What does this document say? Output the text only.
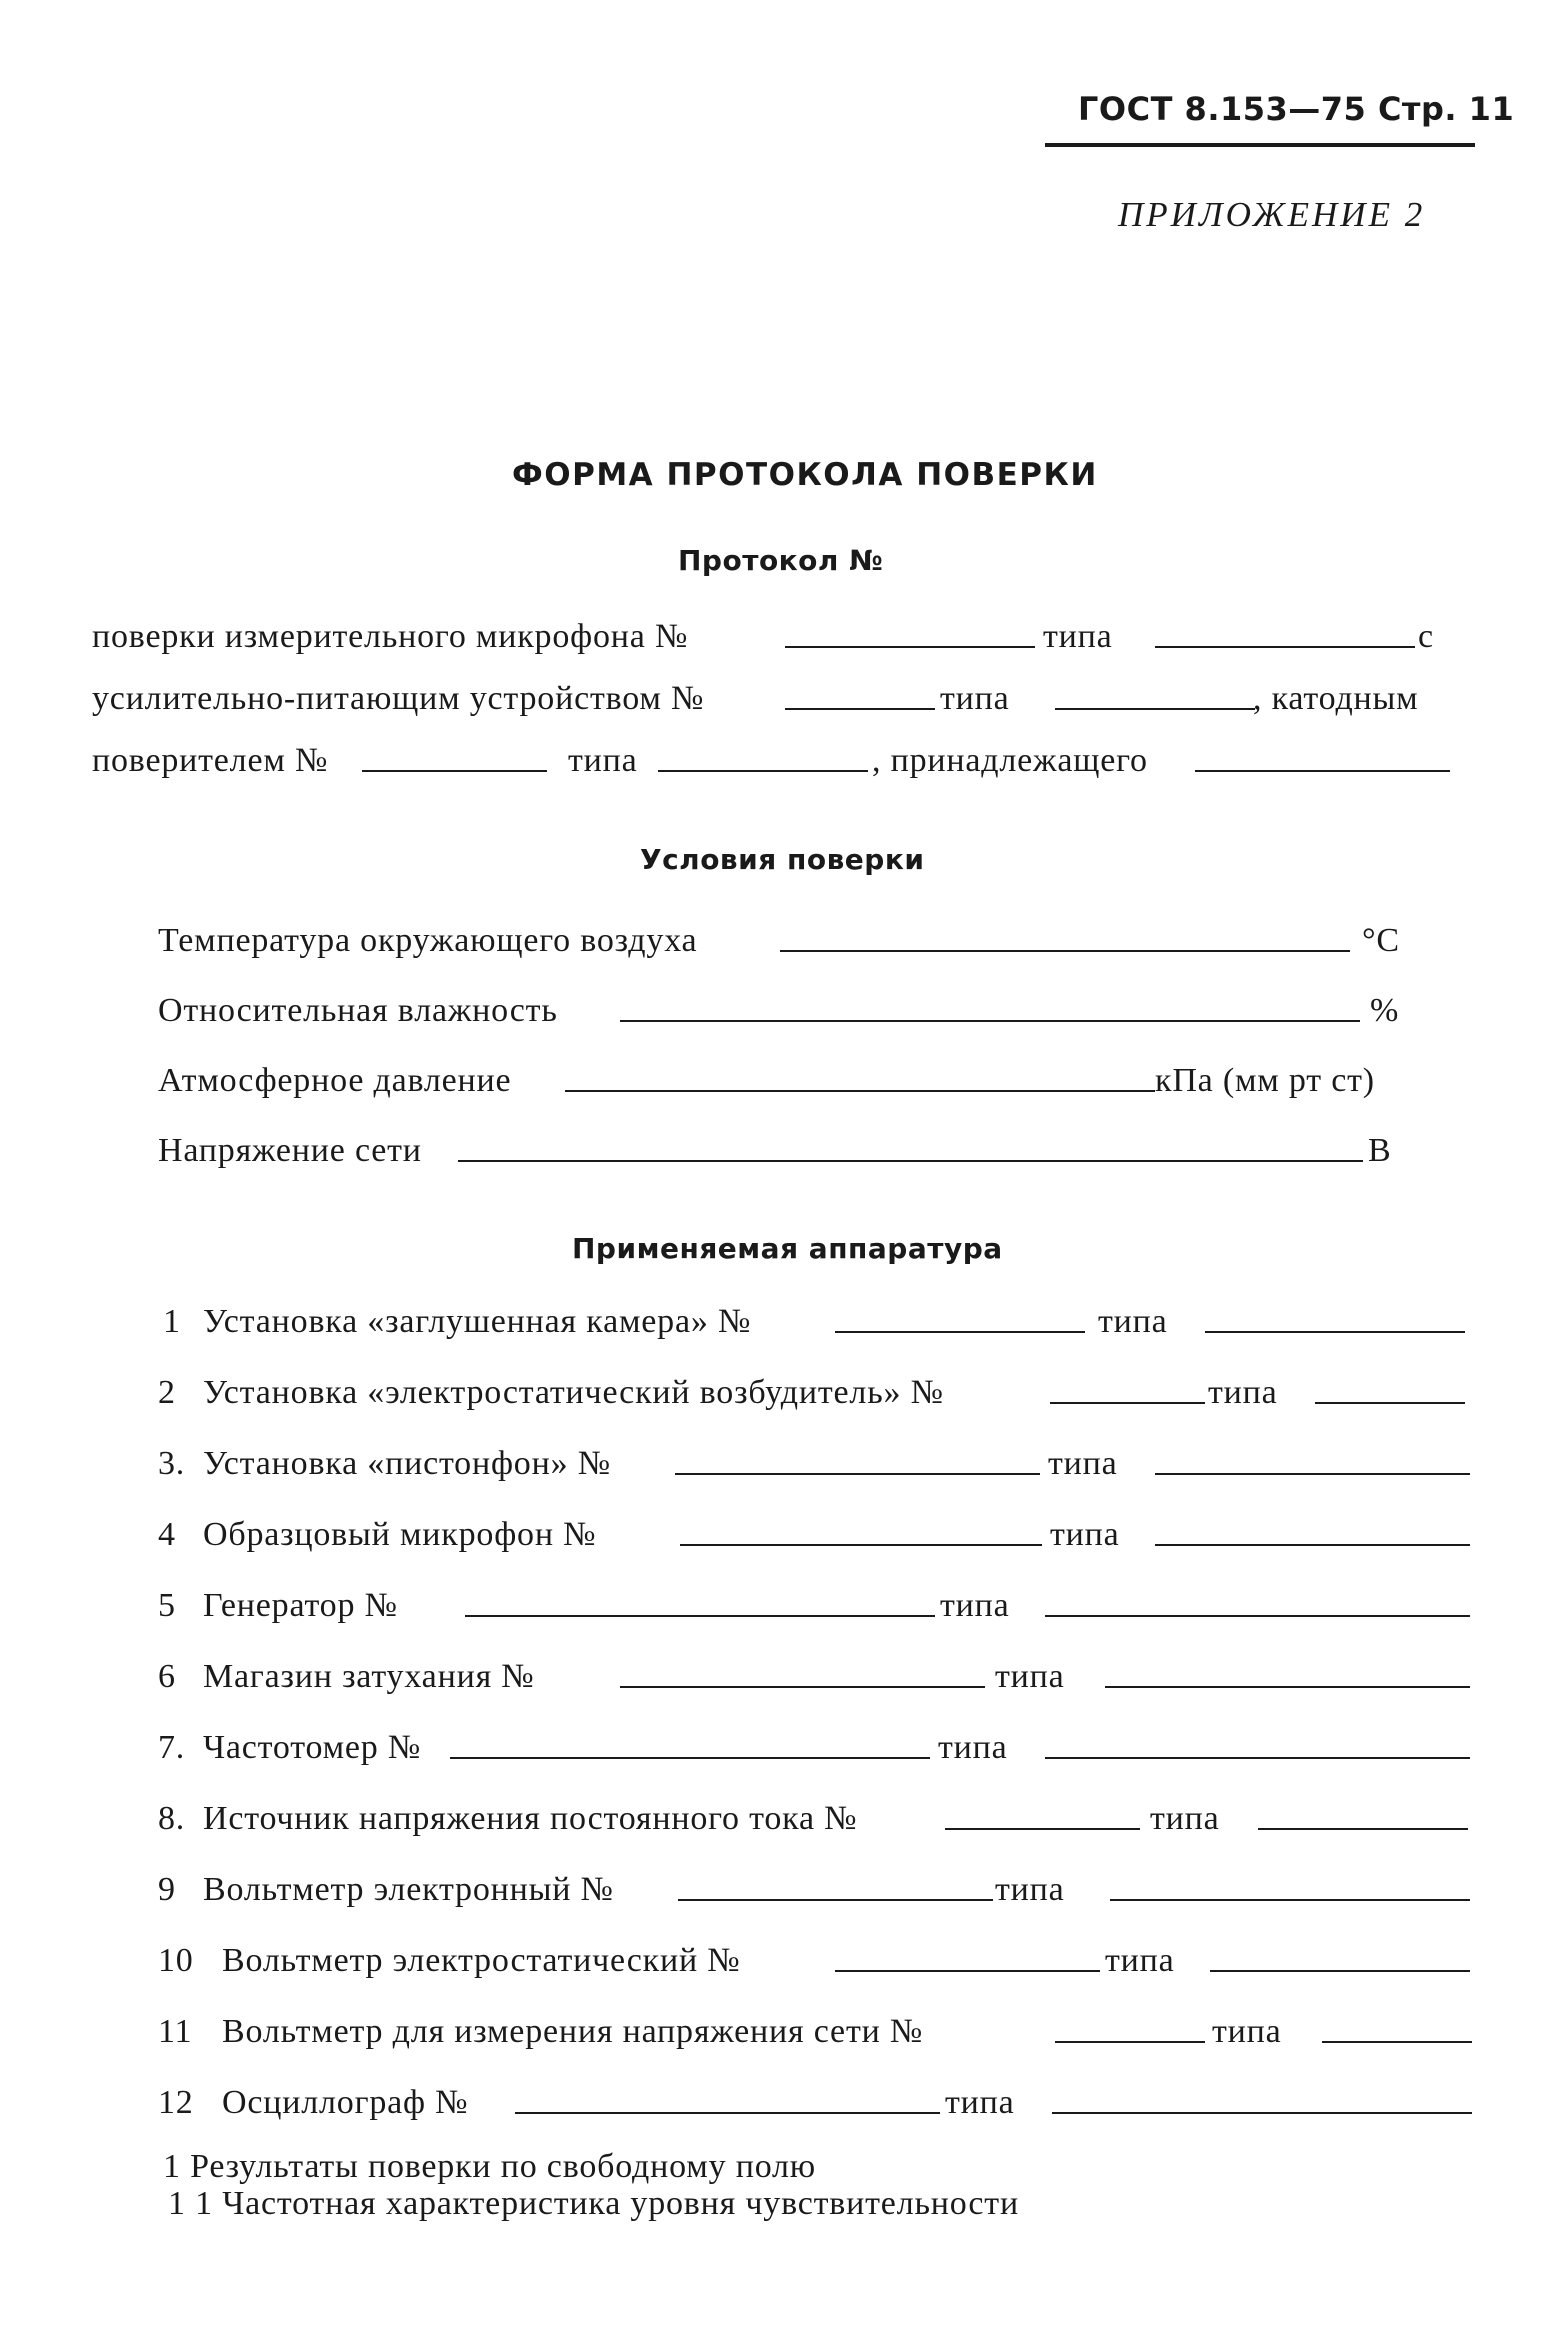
ГОСТ 8.153—75 Стр. 11
ПРИЛОЖЕНИЕ 2
ФОРМА ПРОТОКОЛА ПОВЕРКИ
Протокол №
поверки измерительного микрофона №	типа	с
усилительно-питающим устройством №	типа	, катодным
поверителем №	типа	, принадлежащего
Условия поверки
Температура окружающего воздуха	°С
Относительная влажность	%
Атмосферное давление	кПа (мм рт ст)
Напряжение сети	В
Применяемая аппаратура
1 Установка «заглушенная камера» №	типа
2 Установка «электростатический возбудитель» №	типа
3. Установка «пистонфон» №	типа
4 Образцовый микрофон №	типа
5 Генератор №	типа
6 Магазин затухания №	типа
7. Частотомер №	типа
8. Источник напряжения постоянного тока №	типа
9 Вольтметр электронный №	типа
10 Вольтметр электростатический №	типа
11 Вольтметр для измерения напряжения сети №	типа
12 Осциллограф №	типа
1 Результаты поверки по свободному полю
1 1 Частотная характеристика уровня чувствительности
